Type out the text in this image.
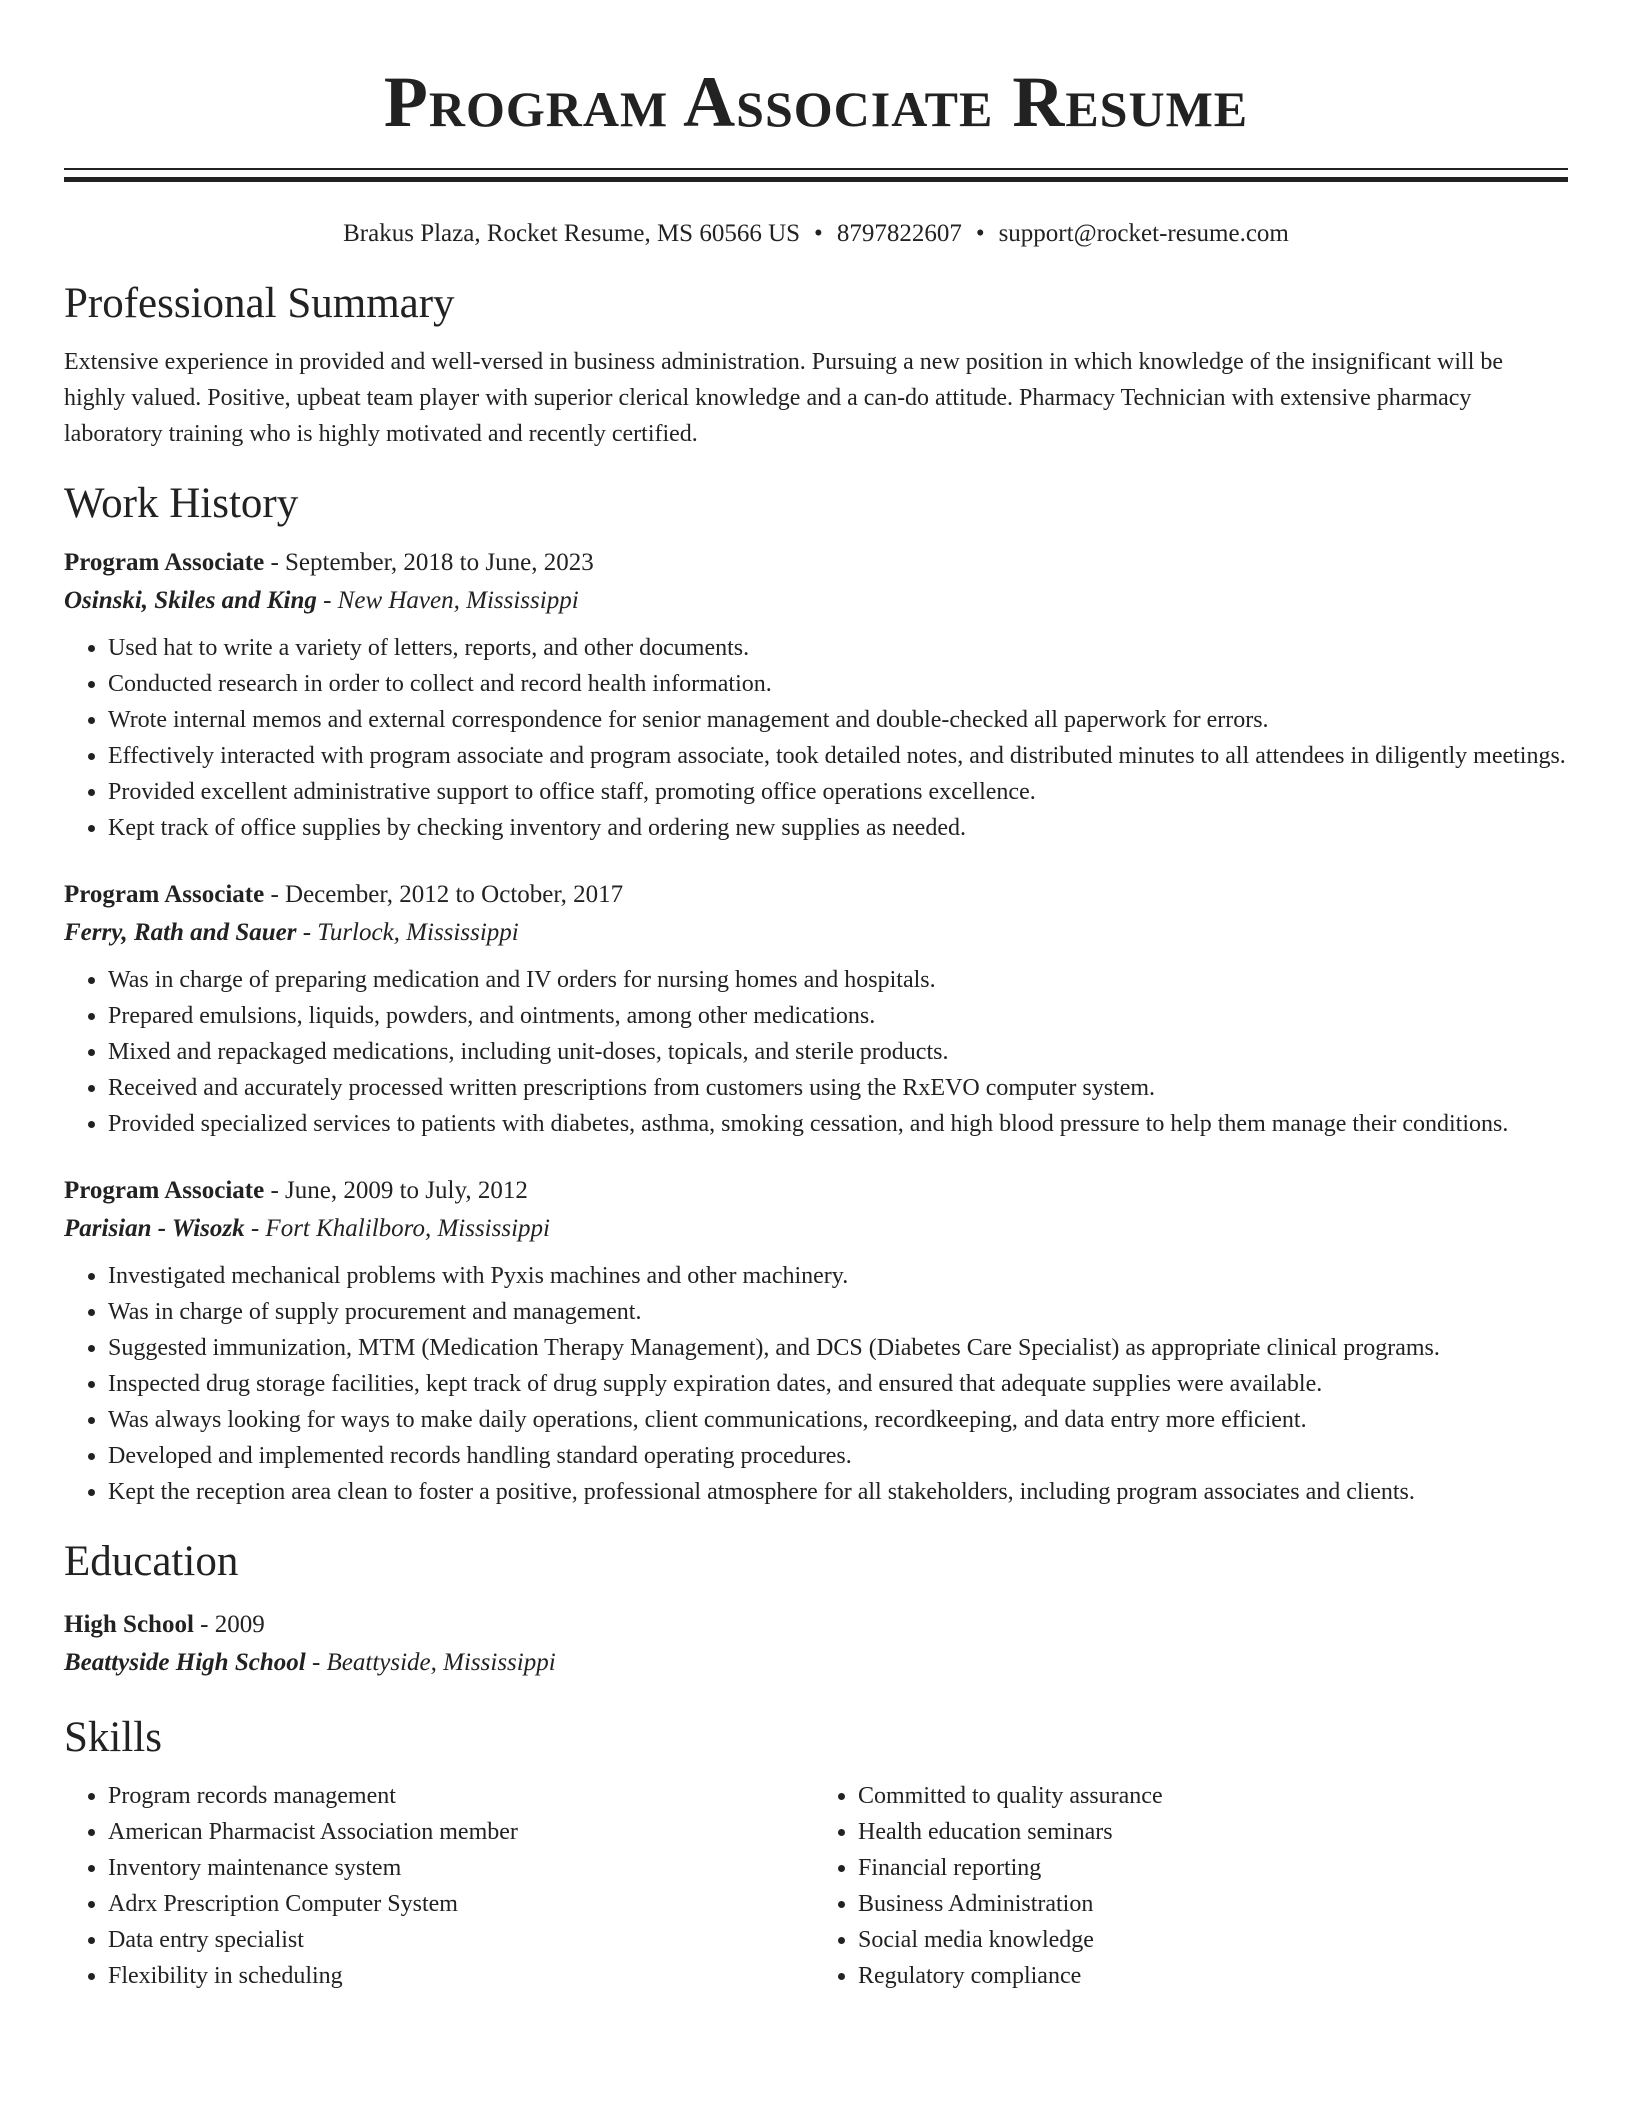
Program Associate Resume
Brakus Plaza, Rocket Resume, MS 60566 US • 8797822607 • support@rocket-resume.com
Professional Summary

Extensive experience in provided and well-versed in business administration. Pursuing a new position in which knowledge of the insignificant will be highly valued. Positive, upbeat team player with superior clerical knowledge and a can-do attitude. Pharmacy Technician with extensive pharmacy laboratory training who is highly motivated and recently certified.

Work History
Program Associate - September, 2018 to June, 2023
Osinski, Skiles and King - New Haven, Mississippi
• Used hat to write a variety of letters, reports, and other documents.
• Conducted research in order to collect and record health information.
• Wrote internal memos and external correspondence for senior management and double-checked all paperwork for errors.
• Effectively interacted with program associate and program associate, took detailed notes, and distributed minutes to all attendees in diligently meetings.
• Provided excellent administrative support to office staff, promoting office operations excellence.
• Kept track of office supplies by checking inventory and ordering new supplies as needed.
Program Associate - December, 2012 to October, 2017
Ferry, Rath and Sauer - Turlock, Mississippi
• Was in charge of preparing medication and IV orders for nursing homes and hospitals.
• Prepared emulsions, liquids, powders, and ointments, among other medications.
• Mixed and repackaged medications, including unit-doses, topicals, and sterile products.
• Received and accurately processed written prescriptions from customers using the RxEVO computer system.
• Provided specialized services to patients with diabetes, asthma, smoking cessation, and high blood pressure to help them manage their conditions.
Program Associate - June, 2009 to July, 2012
Parisian - Wisozk - Fort Khalilboro, Mississippi
• Investigated mechanical problems with Pyxis machines and other machinery.
• Was in charge of supply procurement and management.
• Suggested immunization, MTM (Medication Therapy Management), and DCS (Diabetes Care Specialist) as appropriate clinical programs.
• Inspected drug storage facilities, kept track of drug supply expiration dates, and ensured that adequate supplies were available.
• Was always looking for ways to make daily operations, client communications, recordkeeping, and data entry more efficient.
• Developed and implemented records handling standard operating procedures.
• Kept the reception area clean to foster a positive, professional atmosphere for all stakeholders, including program associates and clients.
Education
High School - 2009
Beattyside High School - Beattyside, Mississippi
Skills
• Program records management
• American Pharmacist Association member
• Inventory maintenance system
• Adrx Prescription Computer System
• Data entry specialist
• Flexibility in scheduling
• Committed to quality assurance
• Health education seminars
• Financial reporting
• Business Administration
• Social media knowledge
• Regulatory compliance
